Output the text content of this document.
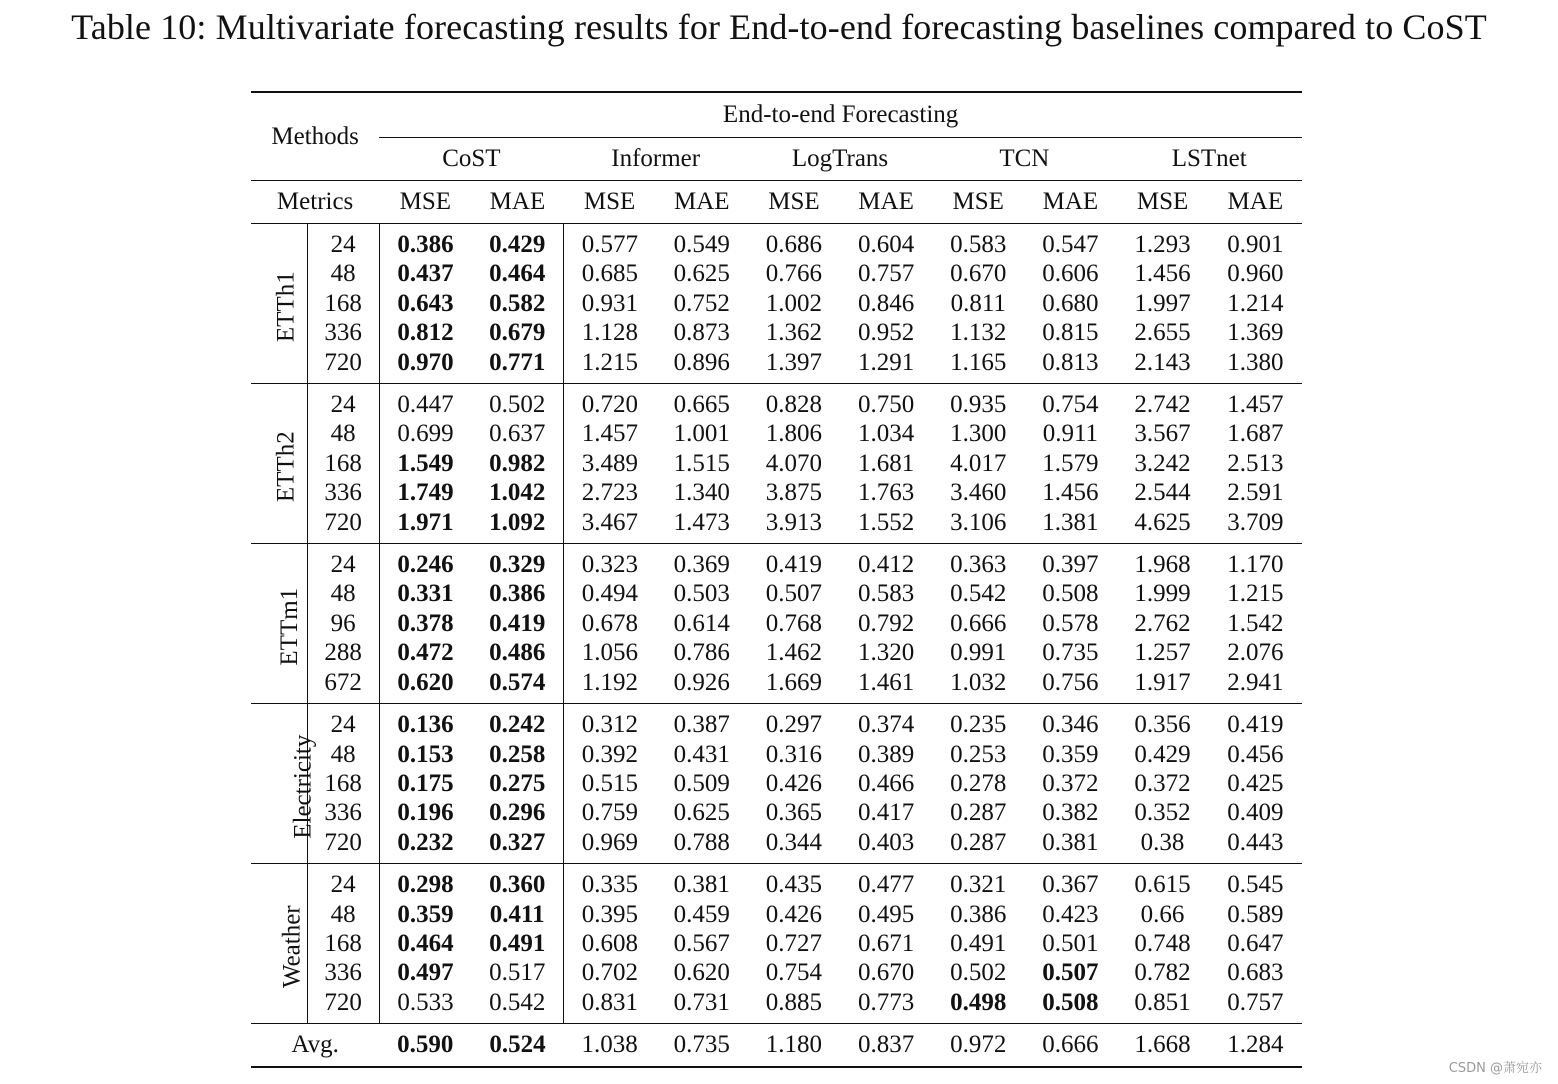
Table 10: Multivariate forecasting results for End-to-end forecasting baselines compared to CoST
Methods		End-to-end Forecasting									
		CoST		Informer		LogTrans		TCN		LSTnet	
Metrics		MSE	MAE	MSE	MAE	MSE	MAE	MSE	MAE	MSE	MAE
ETTh1	24	0.386	0.429	0.577	0.549	0.686	0.604	0.583	0.547	1.293	0.901
	48	0.437	0.464	0.685	0.625	0.766	0.757	0.670	0.606	1.456	0.960
	168	0.643	0.582	0.931	0.752	1.002	0.846	0.811	0.680	1.997	1.214
	336	0.812	0.679	1.128	0.873	1.362	0.952	1.132	0.815	2.655	1.369
	720	0.970	0.771	1.215	0.896	1.397	1.291	1.165	0.813	2.143	1.380
ETTh2	24	0.447	0.502	0.720	0.665	0.828	0.750	0.935	0.754	2.742	1.457
	48	0.699	0.637	1.457	1.001	1.806	1.034	1.300	0.911	3.567	1.687
	168	1.549	0.982	3.489	1.515	4.070	1.681	4.017	1.579	3.242	2.513
	336	1.749	1.042	2.723	1.340	3.875	1.763	3.460	1.456	2.544	2.591
	720	1.971	1.092	3.467	1.473	3.913	1.552	3.106	1.381	4.625	3.709
ETTm1	24	0.246	0.329	0.323	0.369	0.419	0.412	0.363	0.397	1.968	1.170
	48	0.331	0.386	0.494	0.503	0.507	0.583	0.542	0.508	1.999	1.215
	96	0.378	0.419	0.678	0.614	0.768	0.792	0.666	0.578	2.762	1.542
	288	0.472	0.486	1.056	0.786	1.462	1.320	0.991	0.735	1.257	2.076
	672	0.620	0.574	1.192	0.926	1.669	1.461	1.032	0.756	1.917	2.941
Electricity	24	0.136	0.242	0.312	0.387	0.297	0.374	0.235	0.346	0.356	0.419
	48	0.153	0.258	0.392	0.431	0.316	0.389	0.253	0.359	0.429	0.456
	168	0.175	0.275	0.515	0.509	0.426	0.466	0.278	0.372	0.372	0.425
	336	0.196	0.296	0.759	0.625	0.365	0.417	0.287	0.382	0.352	0.409
	720	0.232	0.327	0.969	0.788	0.344	0.403	0.287	0.381	0.38	0.443
Weather	24	0.298	0.360	0.335	0.381	0.435	0.477	0.321	0.367	0.615	0.545
	48	0.359	0.411	0.395	0.459	0.426	0.495	0.386	0.423	0.66	0.589
	168	0.464	0.491	0.608	0.567	0.727	0.671	0.491	0.501	0.748	0.647
	336	0.497	0.517	0.702	0.620	0.754	0.670	0.502	0.507	0.782	0.683
	720	0.533	0.542	0.831	0.731	0.885	0.773	0.498	0.508	0.851	0.757
Avg.		0.590	0.524	1.038	0.735	1.180	0.837	0.972	0.666	1.668	1.284
CSDN @萧宛亦
